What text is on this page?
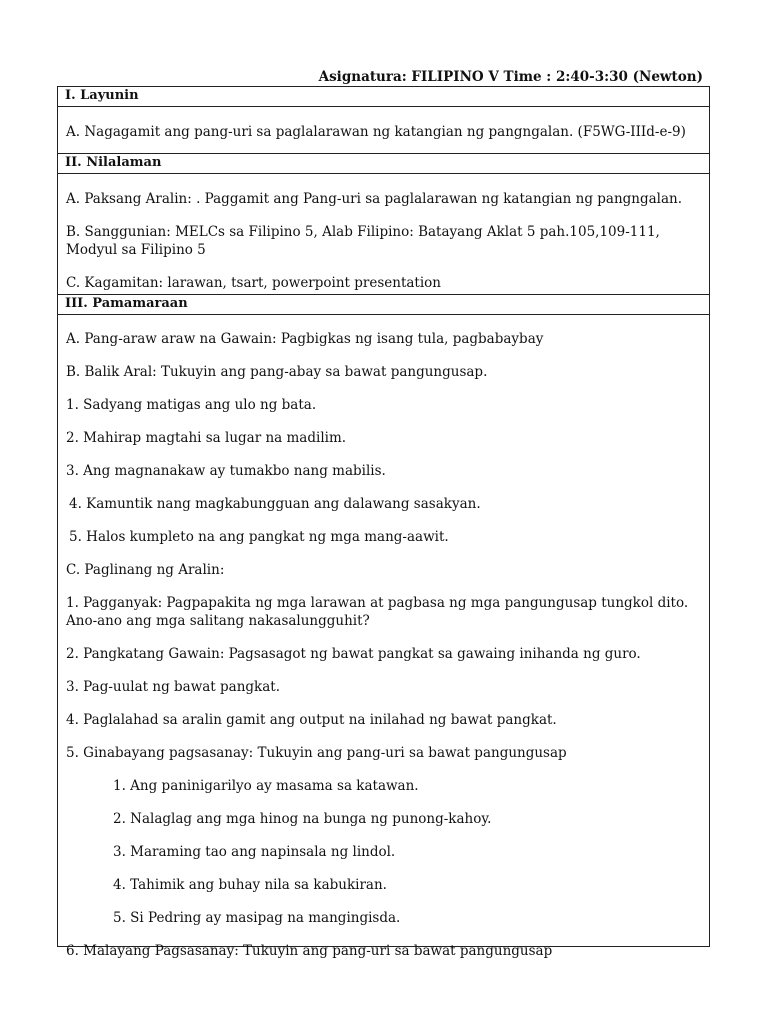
Asignatura: FILIPINO V Time : 2:40-3:30 (Newton)
I. Layunin

A. Nagagamit ang pang-uri sa paglalarawan ng katangian ng pangngalan. (F5WG-IIId-e-9)

II. Nilalaman

A. Paksang Aralin: . Paggamit ang Pang-uri sa paglalarawan ng katangian ng pangngalan.

B. Sanggunian: MELCs sa Filipino 5, Alab Filipino: Batayang Aklat 5 pah.105,109-111, Modyul sa Filipino 5

C. Kagamitan: larawan, tsart, powerpoint presentation

III. Pamamaraan

A. Pang-araw araw na Gawain: Pagbigkas ng isang tula, pagbabaybay

B. Balik Aral: Tukuyin ang pang-abay sa bawat pangungusap.

1. Sadyang matigas ang ulo ng bata.

2. Mahirap magtahi sa lugar na madilim.

3. Ang magnanakaw ay tumakbo nang mabilis.

4. Kamuntik nang magkabungguan ang dalawang sasakyan.

5. Halos kumpleto na ang pangkat ng mga mang-aawit.

C. Paglinang ng Aralin:

1. Pagganyak: Pagpapakita ng mga larawan at pagbasa ng mga pangungusap tungkol dito. Ano-ano ang mga salitang nakasalungguhit?

2. Pangkatang Gawain: Pagsasagot ng bawat pangkat sa gawaing inihanda ng guro.

3. Pag-uulat ng bawat pangkat.

4. Paglalahad sa aralin gamit ang output na inilahad ng bawat pangkat.

5. Ginabayang pagsasanay: Tukuyin ang pang-uri sa bawat pangungusap

1. Ang paninigarilyo ay masama sa katawan.

2. Nalaglag ang mga hinog na bunga ng punong-kahoy.

3. Maraming tao ang napinsala ng lindol.

4. Tahimik ang buhay nila sa kabukiran.

5. Si Pedring ay masipag na mangingisda.

6. Malayang Pagsasanay: Tukuyin ang pang-uri sa bawat pangungusap
